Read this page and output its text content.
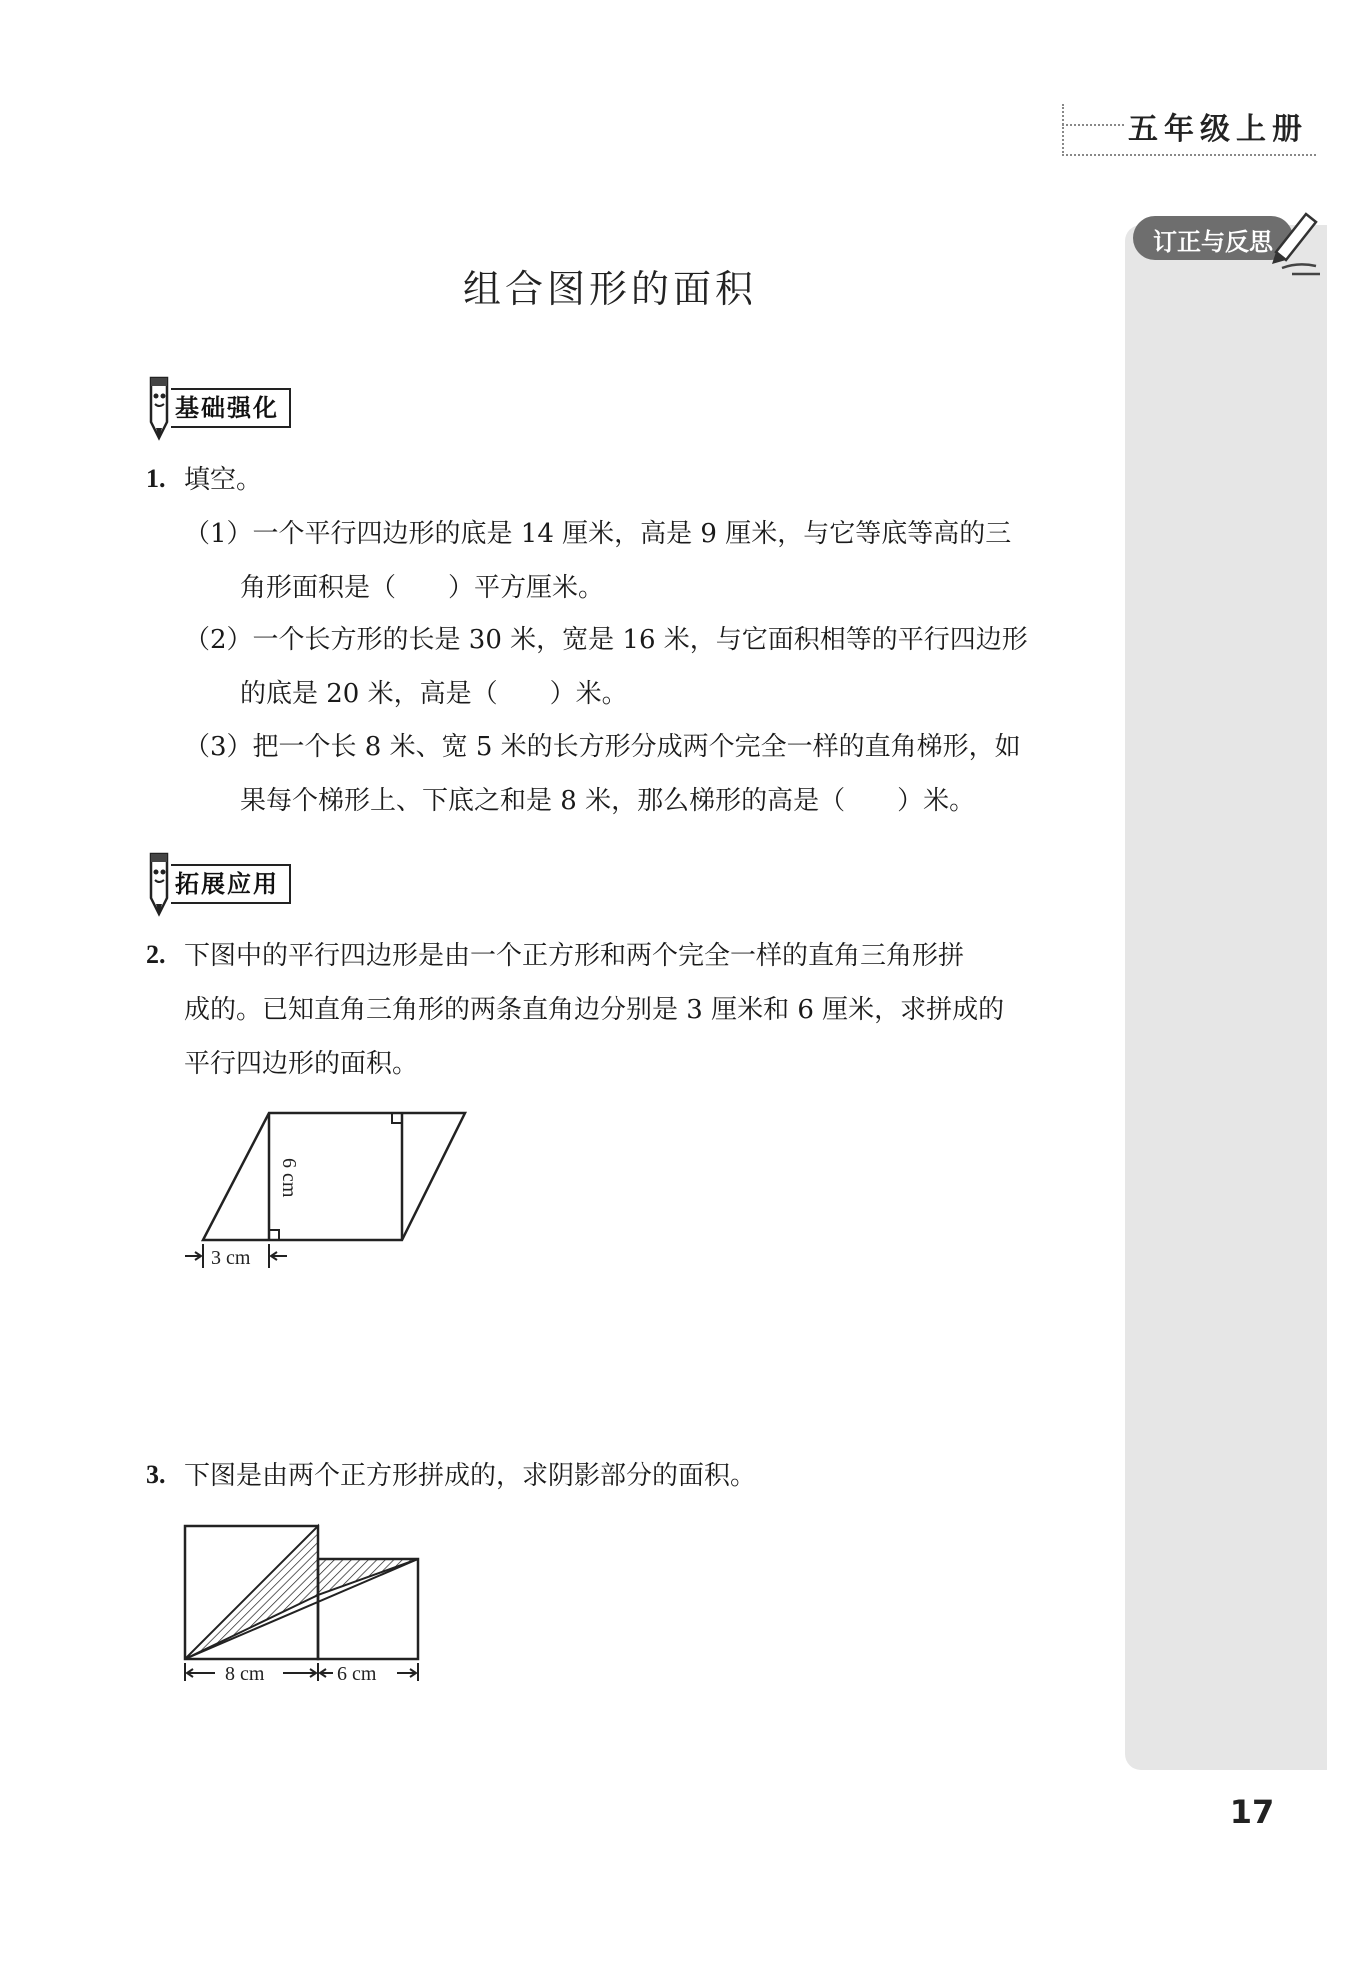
五年级上册
订正与反思
组合图形的面积
基础强化
1. 填空。
（1）一个平行四边形的底是 14 厘米，高是 9 厘米，与它等底等高的三
角形面积是（　　）平方厘米。
（2）一个长方形的长是 30 米，宽是 16 米，与它面积相等的平行四边形
的底是 20 米，高是（　　）米。
（3）把一个长 8 米、宽 5 米的长方形分成两个完全一样的直角梯形，如
果每个梯形上、下底之和是 8 米，那么梯形的高是（　　）米。
拓展应用
2. 下图中的平行四边形是由一个正方形和两个完全一样的直角三角形拼
成的。已知直角三角形的两条直角边分别是 3 厘米和 6 厘米，求拼成的
平行四边形的面积。
6 cm
3 cm
3. 下图是由两个正方形拼成的，求阴影部分的面积。
8 cm	6 cm
17
